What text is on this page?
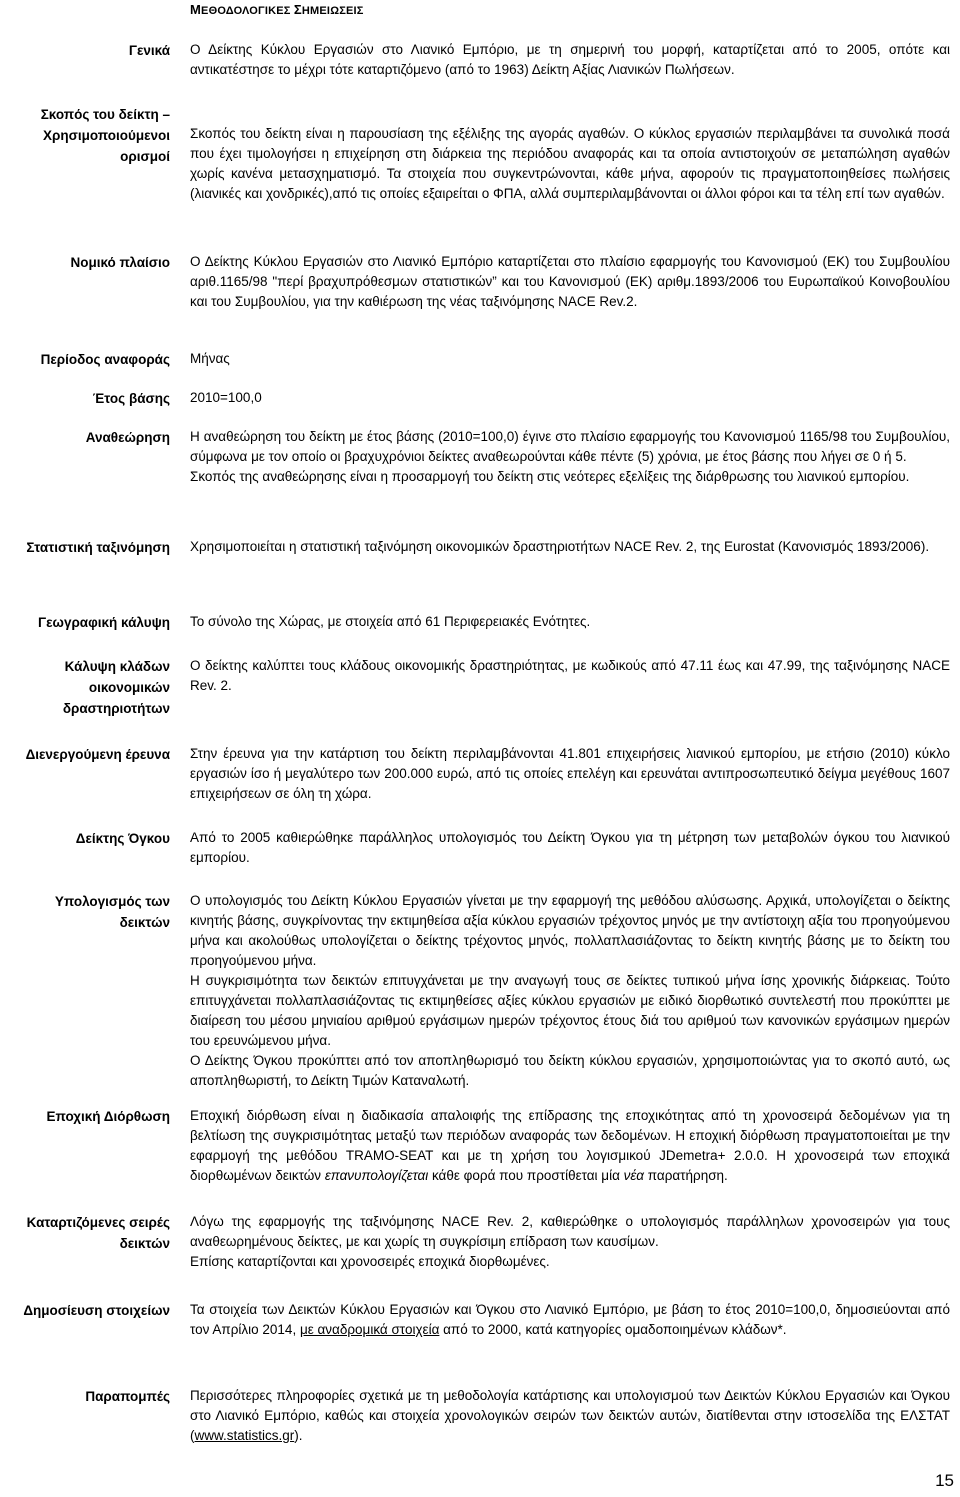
ΜΕΘΟΔΟΛΟΓΙΚΕΣ ΣΗΜΕΙΩΣΕΙΣ
Γενικά Ο Δείκτης Κύκλου Εργασιών στο Λιανικό Εμπόριο, με τη σημερινή του μορφή, καταρτίζεται από το 2005, οπότε και αντικατέστησε το μέχρι τότε καταρτιζόμενο (από το 1963) Δείκτη Αξίας Λιανικών Πωλήσεων.

Σκοπός του δείκτη –
Χρησιμοποιούμενοι
ορισμοί

Σκοπός του δείκτη είναι η παρουσίαση της εξέλιξης της αγοράς αγαθών. Ο κύκλος εργασιών περιλαμβάνει τα συνολικά ποσά που έχει τιμολογήσει η επιχείρηση στη διάρκεια της περιόδου αναφοράς και τα οποία αντιστοιχούν σε μεταπώληση αγαθών χωρίς κανένα μετασχηματισμό. Τα στοιχεία που συγκεντρώνονται, κάθε μήνα, αφορούν τις πραγματοποιηθείσες πωλήσεις (λιανικές και χονδρικές),από τις οποίες εξαιρείται ο ΦΠΑ, αλλά συμπεριλαμβάνονται οι άλλοι φόροι και τα τέλη επί των αγαθών.

Νομικό πλαίσιο Ο Δείκτης Κύκλου Εργασιών στο Λιανικό Εμπόριο καταρτίζεται στο πλαίσιο εφαρμογής του Κανονισμού (ΕΚ) του Συμβουλίου αριθ.1165/98 "περί βραχυπρόθεσμων στατιστικών” και του Κανονισμού (ΕΚ) αριθμ.1893/2006 του Ευρωπαϊκού Κοινοβουλίου και του Συμβουλίου, για την καθιέρωση της νέας ταξινόμησης NACE Rev.2.

Περίοδος αναφοράς Μήνας

Έτος βάσης 2010=100,0

Αναθεώρηση Η αναθεώρηση του δείκτη με έτος βάσης (2010=100,0) έγινε στο πλαίσιο εφαρμογής του Κανονισμού 1165/98 του Συμβουλίου, σύμφωνα με τον οποίο οι βραχυχρόνιοι δείκτες αναθεωρούνται κάθε πέντε (5) χρόνια, με έτος βάσης που λήγει σε 0 ή 5.

Σκοπός της αναθεώρησης είναι η προσαρμογή του δείκτη στις νεότερες εξελίξεις της διάρθρωσης του λιανικού εμπορίου.

Στατιστική ταξινόμηση Χρησιμοποιείται η στατιστική ταξινόμηση οικονομικών δραστηριοτήτων NACE Rev. 2, της Eurostat (Κανονισμός 1893/2006).

Γεωγραφική κάλυψη Το σύνολο της Χώρας, με στοιχεία από 61 Περιφερειακές Ενότητες.

Κάλυψη κλάδων
οικονομικών
δραστηριοτήτων

Ο δείκτης καλύπτει τους κλάδους οικονομικής δραστηριότητας, με κωδικούς από 47.11 έως και 47.99, της ταξινόμησης NACE Rev. 2.

Διενεργούμενη έρευνα Στην έρευνα για την κατάρτιση του δείκτη περιλαμβάνονται 41.801 επιχειρήσεις λιανικού εμπορίου, με ετήσιο (2010) κύκλο εργασιών ίσο ή μεγαλύτερο των 200.000 ευρώ, από τις οποίες επελέγη και ερευνάται αντιπροσωπευτικό δείγμα μεγέθους 1607 επιχειρήσεων σε όλη τη χώρα.

Δείκτης Όγκου Από το 2005 καθιερώθηκε παράλληλος υπολογισμός του Δείκτη Όγκου για τη μέτρηση των μεταβολών όγκου του λιανικού εμπορίου.

Υπολογισμός των
δεικτών

Ο υπολογισμός του Δείκτη Κύκλου Εργασιών γίνεται με την εφαρμογή της μεθόδου αλύσωσης. Αρχικά, υπολογίζεται ο δείκτης κινητής βάσης, συγκρίνοντας την εκτιμηθείσα αξία κύκλου εργασιών τρέχοντος μηνός με την αντίστοιχη αξία του προηγούμενου μήνα και ακολούθως υπολογίζεται ο δείκτης τρέχοντος μηνός, πολλαπλασιάζοντας το δείκτη κινητής βάσης με το δείκτη του προηγούμενου μήνα.

Η συγκρισιμότητα των δεικτών επιτυγχάνεται με την αναγωγή τους σε δείκτες τυπικού μήνα ίσης χρονικής διάρκειας. Τούτο επιτυγχάνεται πολλαπλασιάζοντας τις εκτιμηθείσες αξίες κύκλου εργασιών με ειδικό διορθωτικό συντελεστή που προκύπτει με διαίρεση του μέσου μηνιαίου αριθμού εργάσιμων ημερών τρέχοντος έτους διά του αριθμού των κανονικών εργάσιμων ημερών του ερευνώμενου μήνα.

Ο Δείκτης Όγκου προκύπτει από τον αποπληθωρισμό του δείκτη κύκλου εργασιών, χρησιμοποιώντας για το σκοπό αυτό, ως αποπληθωριστή, το Δείκτη Τιμών Καταναλωτή.

Εποχική Διόρθωση Εποχική διόρθωση είναι η διαδικασία απαλοιφής της επίδρασης της εποχικότητας από τη χρονοσειρά δεδομένων για τη βελτίωση της συγκρισιμότητας μεταξύ των περιόδων αναφοράς των δεδομένων. Η εποχική διόρθωση πραγματοποιείται με την εφαρμογή της μεθόδου TRAMO-SEAT και με τη χρήση του λογισμικού JDemetra+ 2.0.0. Η χρονοσειρά των εποχικά διορθωμένων δεικτών επανυπολογίζεται κάθε φορά που προστίθεται μία νέα παρατήρηση.

Καταρτιζόμενες σειρές
δεικτών

Λόγω της εφαρμογής της ταξινόμησης NACE Rev. 2, καθιερώθηκε ο υπολογισμός παράλληλων χρονοσειρών για τους αναθεωρημένους δείκτες, με και χωρίς τη συγκρίσιμη επίδραση των καυσίμων.

Επίσης καταρτίζονται και χρονοσειρές εποχικά διορθωμένες.

Δημοσίευση στοιχείων Τα στοιχεία των Δεικτών Κύκλου Εργασιών και Όγκου στο Λιανικό Εμπόριο, με βάση το έτος 2010=100,0, δημοσιεύονται από τον Απρίλιο 2014, με αναδρομικά στοιχεία από το 2000, κατά κατηγορίες ομαδοποιημένων κλάδων*.

Παραπομπές Περισσότερες πληροφορίες σχετικά με τη μεθοδολογία κατάρτισης και υπολογισμού των Δεικτών Κύκλου Εργασιών και Όγκου στο Λιανικό Εμπόριο, καθώς και στοιχεία χρονολογικών σειρών των δεικτών αυτών, διατίθενται στην ιστοσελίδα της ΕΛΣΤΑΤ (www.statistics.gr).

15
